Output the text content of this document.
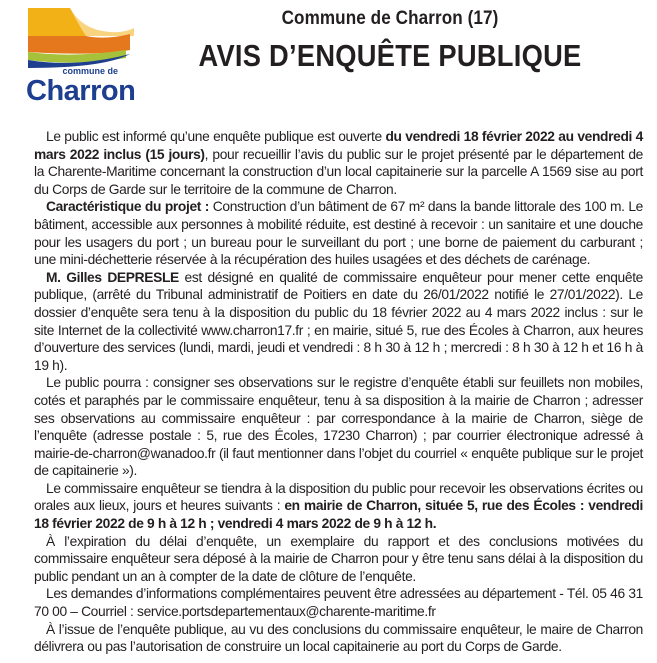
commune de
Charron
Commune de Charron (17)
AVIS D’ENQUÊTE PUBLIQUE

Le public est informé qu’une enquête publique est ouverte du vendredi 18 février 2022 au vendredi 4 mars 2022 inclus (15 jours), pour recueillir l’avis du public sur le projet présenté par le département de la Charente-Maritime concernant la construction d’un local capitainerie sur la parcelle A 1569 sise au port du Corps de Garde sur le territoire de la commune de Charron.

Caractéristique du projet : Construction d’un bâtiment de 67 m² dans la bande littorale des 100 m. Le bâtiment, accessible aux personnes à mobilité réduite, est destiné à recevoir : un sanitaire et une douche pour les usagers du port ; un bureau pour le surveillant du port ; une borne de paiement du carburant ; une mini-déchetterie réservée à la récupération des huiles usagées et des déchets de carénage.

M. Gilles DEPRESLE est désigné en qualité de commissaire enquêteur pour mener cette enquête publique, (arrêté du Tribunal administratif de Poitiers en date du 26/01/2022 notifié le 27/01/2022). Le dossier d’enquête sera tenu à la disposition du public du 18 février 2022 au 4 mars 2022 inclus : sur le site Internet de la collectivité www.charron17.fr ; en mairie, situé 5, rue des Écoles à Charron, aux heures d’ouverture des services (lundi, mardi, jeudi et vendredi : 8 h 30 à 12 h ; mercredi : 8 h 30 à 12 h et 16 h à 19 h).

Le public pourra : consigner ses observations sur le registre d’enquête établi sur feuillets non mobiles, cotés et paraphés par le commissaire enquêteur, tenu à sa disposition à la mairie de Charron ; adresser ses observations au commissaire enquêteur : par correspondance à la mairie de Charron, siège de l’enquête (adresse postale : 5, rue des Écoles, 17230 Charron) ; par courrier électronique adressé à mairie-de-charron@wanadoo.fr (il faut mentionner dans l’objet du courriel « enquête publique sur le projet de capitainerie »).

Le commissaire enquêteur se tiendra à la disposition du public pour recevoir les observations écrites ou orales aux lieux, jours et heures suivants : en mairie de Charron, située 5, rue des Écoles : vendredi 18 février 2022 de 9 h à 12 h ; vendredi 4 mars 2022 de 9 h à 12 h.

À l’expiration du délai d’enquête, un exemplaire du rapport et des conclusions motivées du commissaire enquêteur sera déposé à la mairie de Charron pour y être tenu sans délai à la disposition du public pendant un an à compter de la date de clôture de l’enquête.

Les demandes d’informations complémentaires peuvent être adressées au département - Tél. 05 46 31 70 00 – Courriel : service.portsdepartementaux@charente-maritime.fr

À l’issue de l’enquête publique, au vu des conclusions du commissaire enquêteur, le maire de Charron délivrera ou pas l’autorisation de construire un local capitainerie au port du Corps de Garde.
